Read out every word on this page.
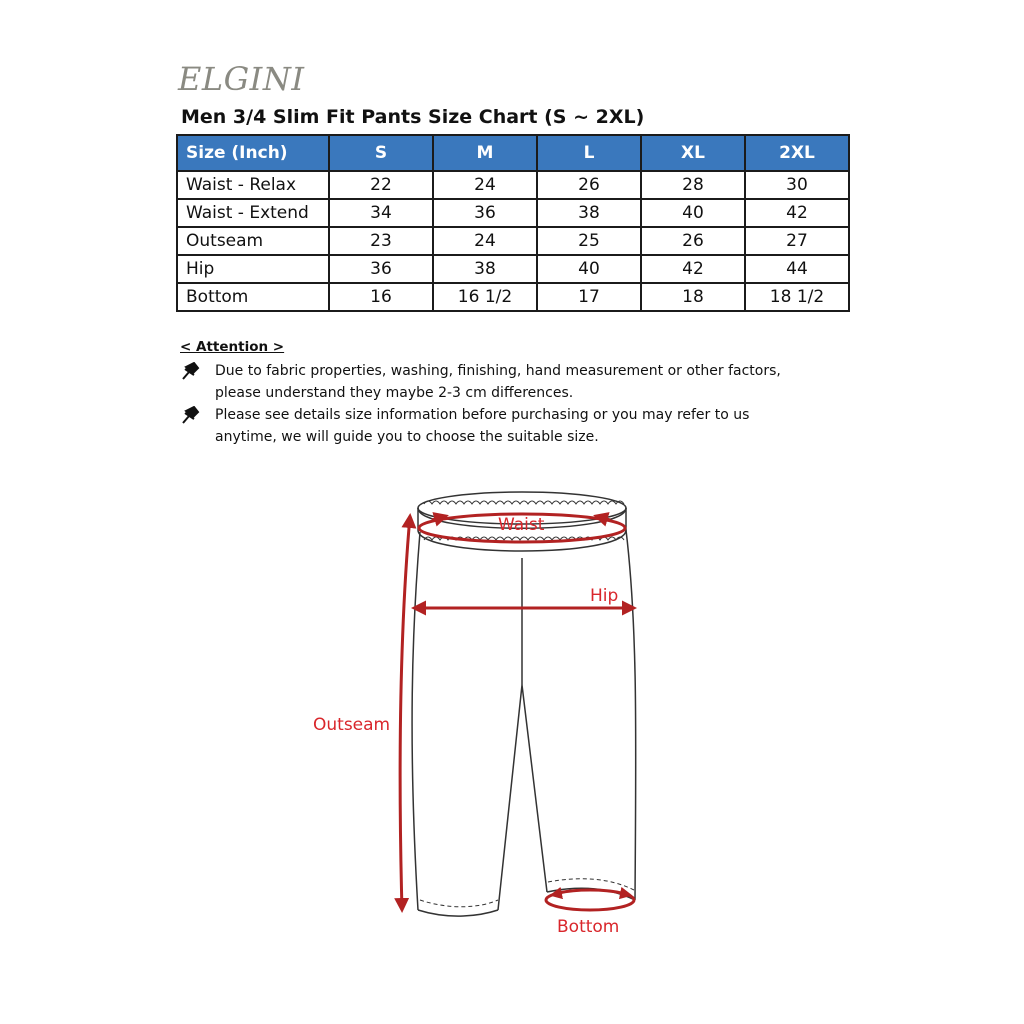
ELGINI
Men 3/4 Slim Fit Pants Size Chart (S ~ 2XL)
Size (Inch)	S	M	L	XL	2XL
Waist - Relax	22	24	26	28	30
Waist - Extend	34	36	38	40	42
Outseam	23	24	25	26	27
Hip	36	38	40	42	44
Bottom	16	16 1/2	17	18	18 1/2
< Attention >
Due to fabric properties, washing, finishing, hand measurement or other factors, please understand they maybe 2-3 cm differences.
Please see details size information before purchasing or you may refer to us anytime, we will guide you to choose the suitable size.
Waist
Hip
Outseam
Bottom
